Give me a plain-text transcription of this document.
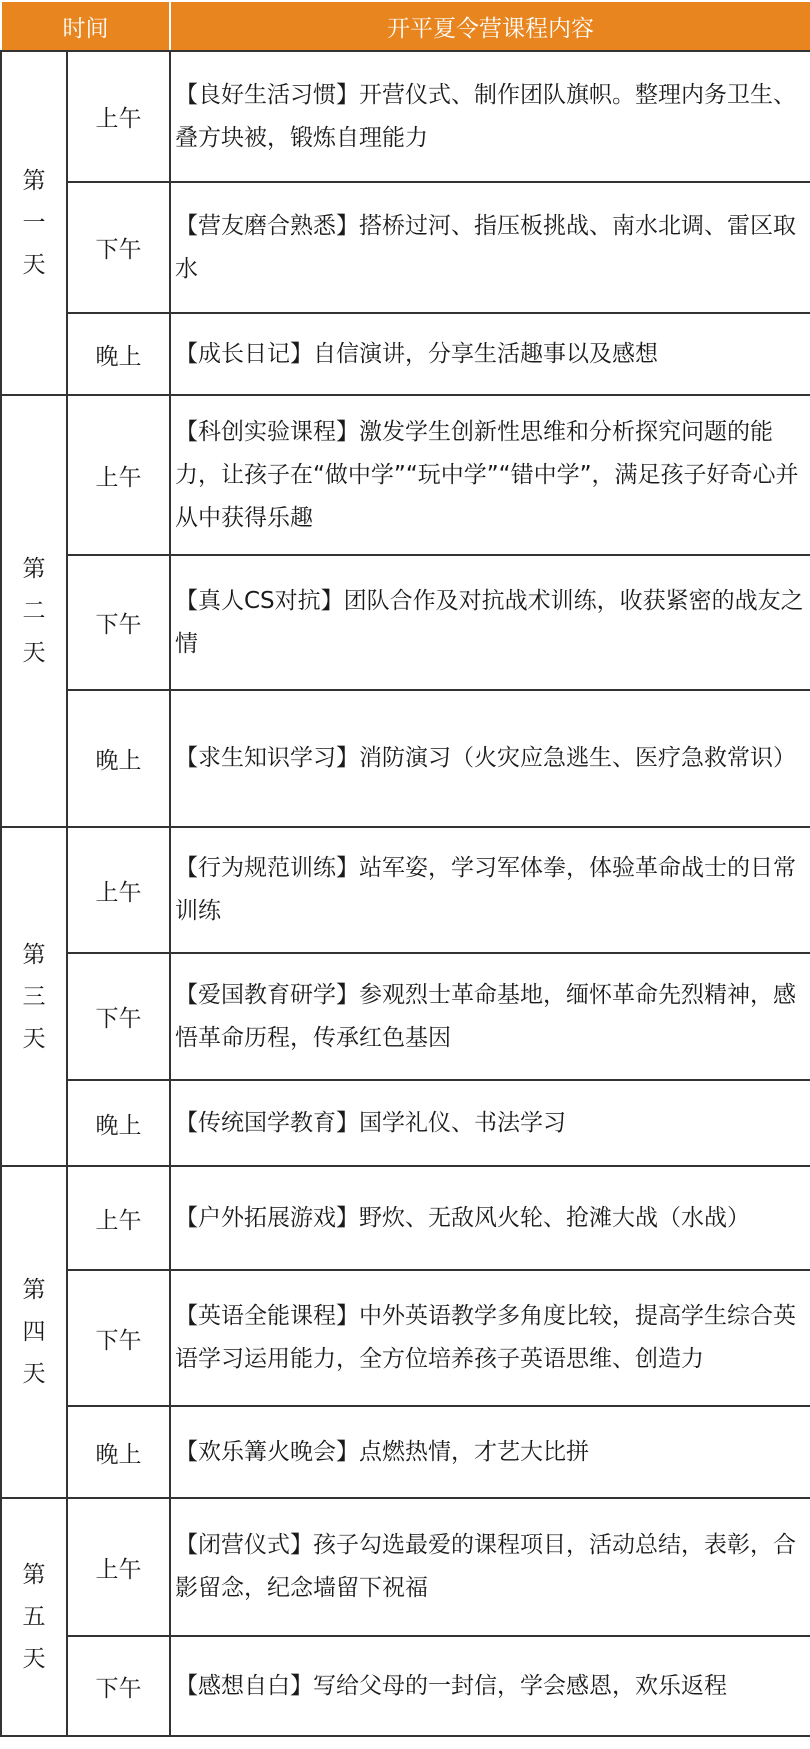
时间		开平夏令营课程内容

第
一
天	上午	【良好生活习惯】开营仪式、制作团队旗帜。整理内务卫生、叠方块被，锻炼自理能力
	下午	【营友磨合熟悉】搭桥过河、指压板挑战、南水北调、雷区取水
	晚上	【成长日记】自信演讲，分享生活趣事以及感想

第
二
天	上午	【科创实验课程】激发学生创新性思维和分析探究问题的能力，让孩子在“做中学”“玩中学”“错中学”，满足孩子好奇心并从中获得乐趣
	下午	【真人CS对抗】团队合作及对抗战术训练，收获紧密的战友之情
	晚上	【求生知识学习】消防演习（火灾应急逃生、医疗急救常识）

第
三
天	上午	【行为规范训练】站军姿，学习军体拳，体验革命战士的日常训练
	下午	【爱国教育研学】参观烈士革命基地，缅怀革命先烈精神，感悟革命历程，传承红色基因
	晚上	【传统国学教育】国学礼仪、书法学习

第
四
天	上午	【户外拓展游戏】野炊、无敌风火轮、抢滩大战（水战）
	下午	【英语全能课程】中外英语教学多角度比较，提高学生综合英语学习运用能力，全方位培养孩子英语思维、创造力
	晚上	【欢乐篝火晚会】点燃热情，才艺大比拼

第
五
天	上午	【闭营仪式】孩子勾选最爱的课程项目，活动总结，表彰，合影留念，纪念墙留下祝福
	下午	【感想自白】写给父母的一封信，学会感恩，欢乐返程
